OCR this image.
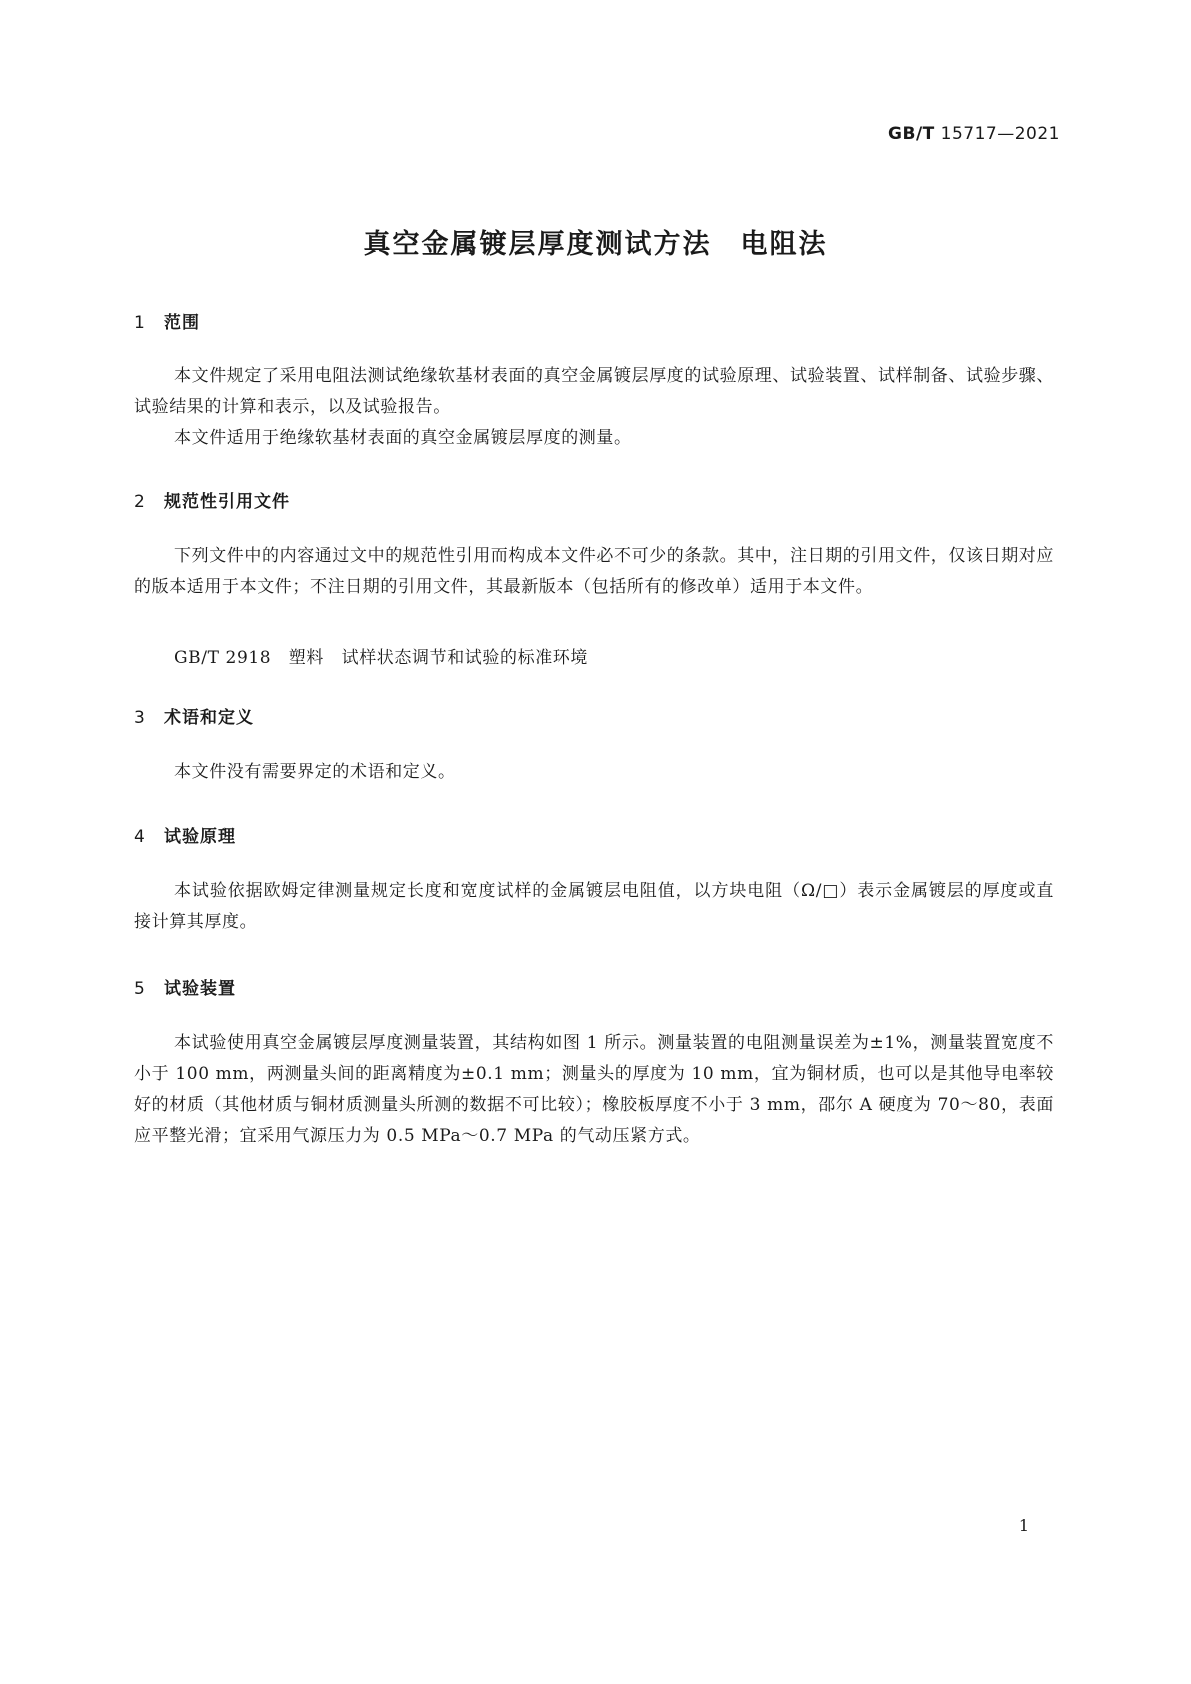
GB/T 15717—2021
真空金属镀层厚度测试方法　电阻法
1 范围
本文件规定了采用电阻法测试绝缘软基材表面的真空金属镀层厚度的试验原理、试验装置、试样制备、试验步骤、试验结果的计算和表示，以及试验报告。
本文件适用于绝缘软基材表面的真空金属镀层厚度的测量。
2 规范性引用文件
下列文件中的内容通过文中的规范性引用而构成本文件必不可少的条款。其中，注日期的引用文件，仅该日期对应的版本适用于本文件；不注日期的引用文件，其最新版本（包括所有的修改单）适用于本文件。
GB/T 2918　塑料　试样状态调节和试验的标准环境
3 术语和定义
本文件没有需要界定的术语和定义。
4 试验原理
本试验依据欧姆定律测量规定长度和宽度试样的金属镀层电阻值，以方块电阻（Ω/□）表示金属镀层的厚度或直接计算其厚度。
5 试验装置
本试验使用真空金属镀层厚度测量装置，其结构如图 1 所示。测量装置的电阻测量误差为±1%，测量装置宽度不小于 100 mm，两测量头间的距离精度为±0.1 mm；测量头的厚度为 10 mm，宜为铜材质，也可以是其他导电率较好的材质（其他材质与铜材质测量头所测的数据不可比较）；橡胶板厚度不小于 3 mm，邵尔 A 硬度为 70～80，表面应平整光滑；宜采用气源压力为 0.5 MPa～0.7 MPa 的气动压紧方式。
1
